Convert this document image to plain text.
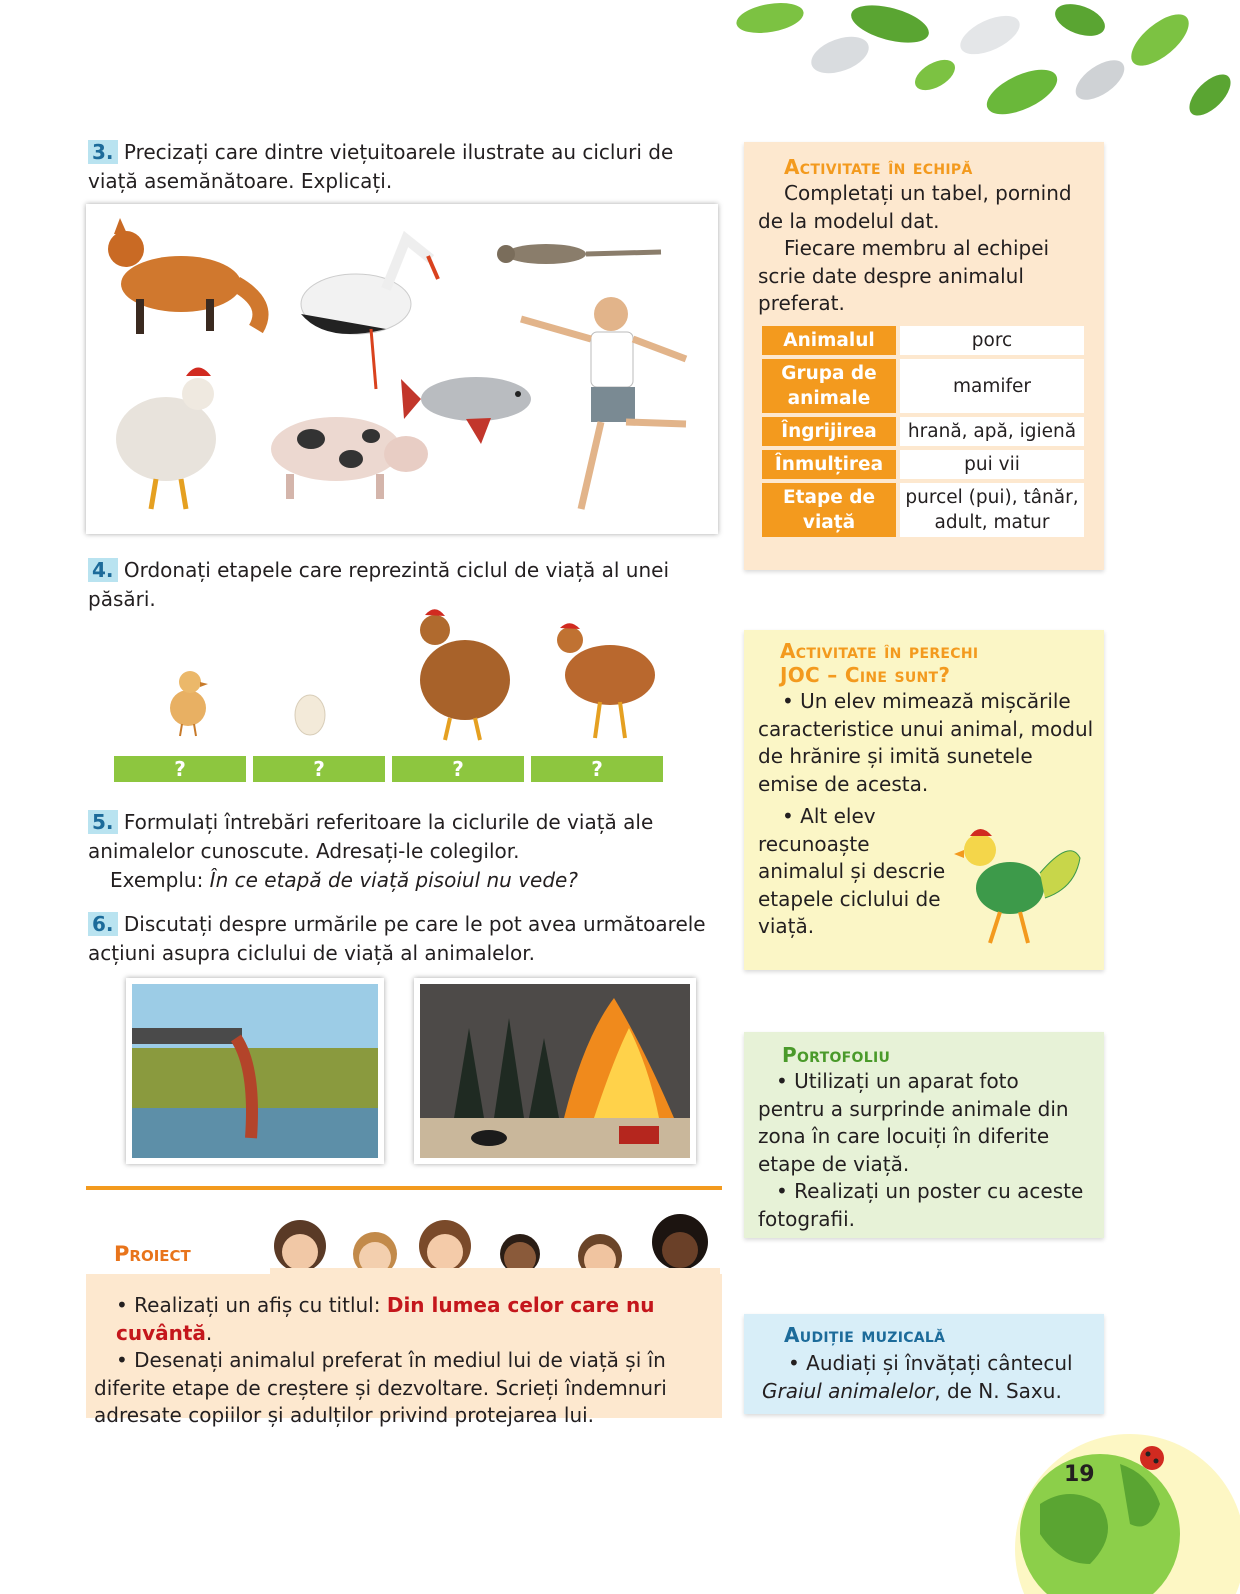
3. Precizați care dintre viețuitoarele ilustrate au cicluri de viață asemănătoare. Explicați.
4. Ordonați etapele care reprezintă ciclul de viață al unei păsări.
?	?	?	?
5. Formulați întrebări referitoare la ciclurile de viață ale animalelor cunoscute. Adresați-le colegilor.
Exemplu: În ce etapă de viață pisoiul nu vede?
6. Discutați despre urmările pe care le pot avea următoarele acțiuni asupra ciclului de viață al animalelor.
Proiect
• Realizați un afiș cu titlul: Din lumea celor care nu cuvântă.
• Desenați animalul preferat în mediul lui de viață și în diferite etape de creștere și dezvoltare. Scrieți îndemnuri adresate copiilor și adulților privind protejarea lui.
Activitate în echipă
Completați un tabel, pornind de la modelul dat.
Fiecare membru al echipei scrie date despre animalul preferat.
Animalul	porc
Grupa de animale	mamifer
Îngrijirea	hrană, apă, igienă
Înmulțirea	pui vii
Etape de viață	purcel (pui), tânăr, adult, matur
Activitate în perechi
JOC – Cine sunt?
• Un elev mimează mișcările caracteristice unui animal, modul de hrănire și imită sunetele emise de acesta.
• Alt elev recunoaște animalul și descrie etapele ciclului de viață.
Portofoliu
• Utilizați un aparat foto pentru a surprinde animale din zona în care locuiți în diferite etape de viață.
• Realizați un poster cu aceste fotografii.
Audiție muzicală
• Audiați și învățați cântecul
Graiul animalelor, de N. Saxu.
19
